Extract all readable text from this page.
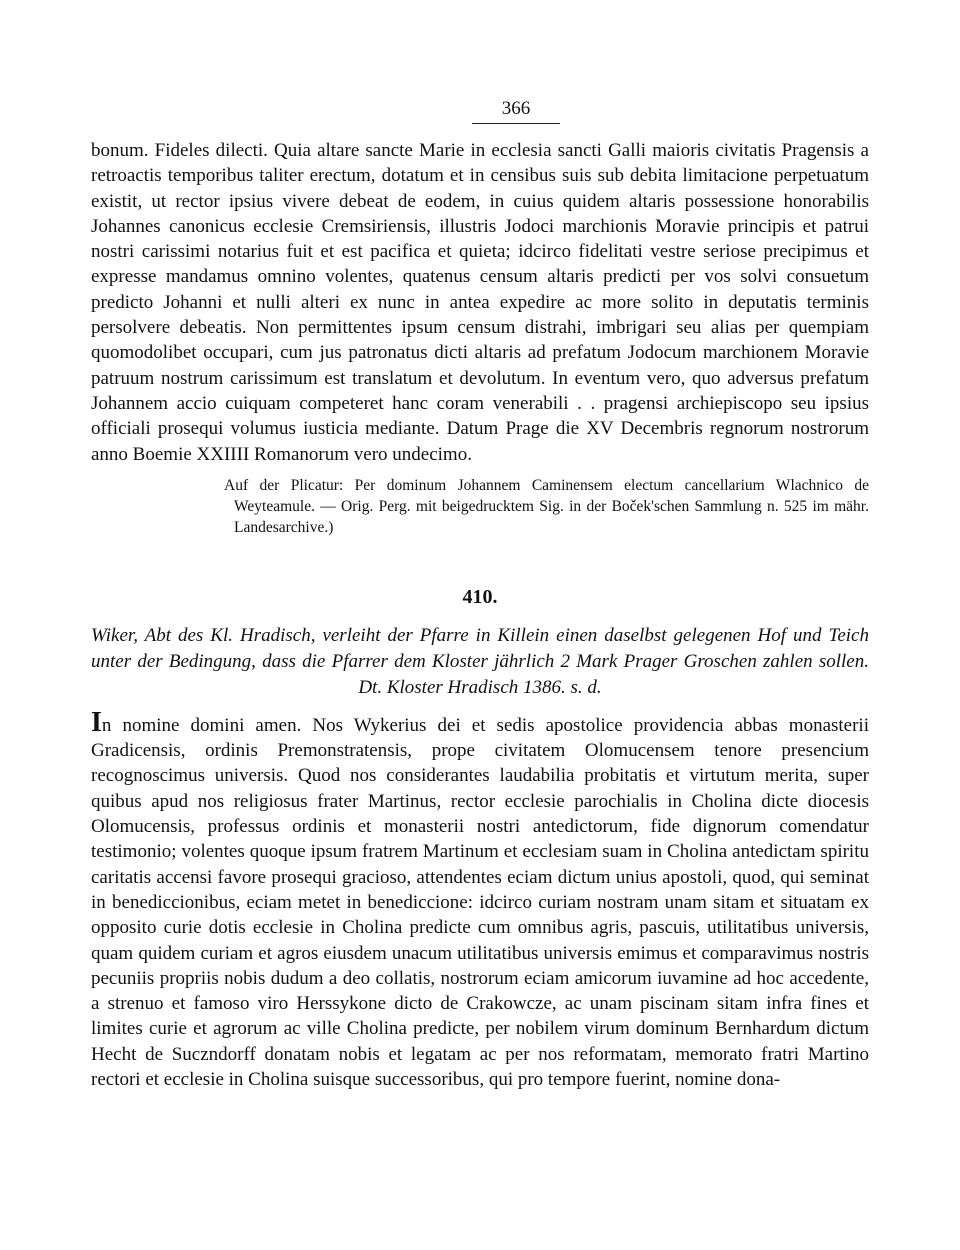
366

bonum. Fideles dilecti. Quia altare sancte Marie in ecclesia sancti Galli maioris civitatis Pragensis a retroactis temporibus taliter erectum, dotatum et in censibus suis sub debita limitacione perpetuatum existit, ut rector ipsius vivere debeat de eodem, in cuius quidem altaris possessione honorabilis Johannes canonicus ecclesie Cremsiriensis, illustris Jodoci marchionis Moravie principis et patrui nostri carissimi notarius fuit et est pacifica et quieta; idcirco fidelitati vestre seriose precipimus et expresse mandamus omnino volentes, quatenus censum altaris predicti per vos solvi consuetum predicto Johanni et nulli alteri ex nunc in antea expedire ac more solito in deputatis terminis persolvere debeatis. Non permittentes ipsum censum distrahi, imbrigari seu alias per quempiam quomodolibet occupari, cum jus patronatus dicti altaris ad prefatum Jodocum marchionem Moravie patruum nostrum carissimum est translatum et devolutum. In eventum vero, quo adversus prefatum Johannem accio cuiquam competeret hanc coram venerabili . . pragensi archiepiscopo seu ipsius officiali prosequi volumus iusticia mediante. Datum Prage die XV Decembris regnorum nostrorum anno Boemie XXIIII Romanorum vero undecimo.

Auf der Plicatur: Per dominum Johannem Caminensem electum cancellarium Wlachnico de Weyteamule. — Orig. Perg. mit beigedrucktem Sig. in der Boček'schen Sammlung n. 525 im mähr. Landesarchive.)

410.

Wiker, Abt des Kl. Hradisch, verleiht der Pfarre in Killein einen daselbst gelegenen Hof und Teich unter der Bedingung, dass die Pfarrer dem Kloster jährlich 2 Mark Prager Groschen zahlen sollen. Dt. Kloster Hradisch 1386. s. d.

In nomine domini amen. Nos Wykerius dei et sedis apostolice providencia abbas monasterii Gradicensis, ordinis Premonstratensis, prope civitatem Olomucensem tenore presencium recognoscimus universis. Quod nos considerantes laudabilia probitatis et virtutum merita, super quibus apud nos religiosus frater Martinus, rector ecclesie parochialis in Cholina dicte diocesis Olomucensis, professus ordinis et monasterii nostri antedictorum, fide dignorum comendatur testimonio; volentes quoque ipsum fratrem Martinum et ecclesiam suam in Cholina antedictam spiritu caritatis accensi favore prosequi gracioso, attendentes eciam dictum unius apostoli, quod, qui seminat in benediccionibus, eciam metet in benediccione: idcirco curiam nostram unam sitam et situatam ex opposito curie dotis ecclesie in Cholina predicte cum omnibus agris, pascuis, utilitatibus universis, quam quidem curiam et agros eiusdem unacum utilitatibus universis emimus et comparavimus nostris pecuniis propriis nobis dudum a deo collatis, nostrorum eciam amicorum iuvamine ad hoc accedente, a strenuo et famoso viro Herssykone dicto de Crakowcze, ac unam piscinam sitam infra fines et limites curie et agrorum ac ville Cholina predicte, per nobilem virum dominum Bernhardum dictum Hecht de Suczndorff donatam nobis et legatam ac per nos reformatam, memorato fratri Martino rectori et ecclesie in Cholina suisque successoribus, qui pro tempore fuerint, nomine dona-
